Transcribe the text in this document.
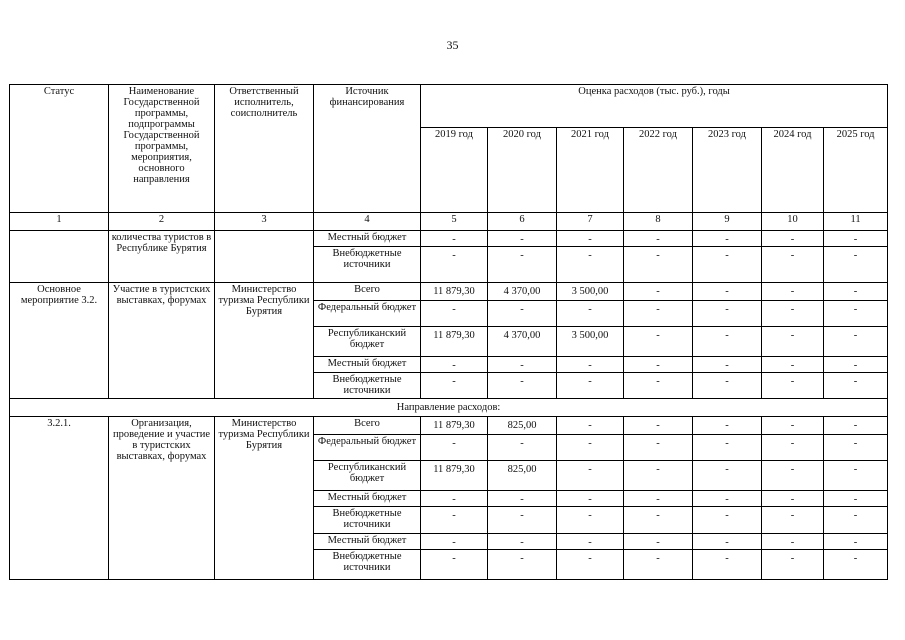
35
Статус	Наименование Государственной программы, подпрограммы Государственной программы, мероприятия, основного направления	Ответственный исполнитель, соисполнитель	Источник финансирования	Оценка расходов (тыс. руб.), годы						
				2019 год	2020 год	2021 год	2022 год	2023 год	2024 год	2025 год
1	2	3	4	5	6	7	8	9	10	11
	количества туристов в Республике Бурятия		Местный бюджет	-	-	-	-	-	-	-
			Внебюджетные источники	-	-	-	-	-	-	-
Основное мероприятие 3.2.	Участие в туристских выставках, форумах	Министерство туризма Республики Бурятия	Всего	11 879,30	4 370,00	3 500,00	-	-	-	-
			Федеральный бюджет	-	-	-	-	-	-	-
			Республиканский бюджет	11 879,30	4 370,00	3 500,00	-	-	-	-
			Местный бюджет	-	-	-	-	-	-	-
			Внебюджетные источники	-	-	-	-	-	-	-
Направление расходов:										
3.2.1.	Организация, проведение и участие в туристских выставках, форумах	Министерство туризма Республики Бурятия	Всего	11 879,30	825,00	-	-	-	-	-
			Федеральный бюджет	-	-	-	-	-	-	-
			Республиканский бюджет	11 879,30	825,00	-	-	-	-	-
			Местный бюджет	-	-	-	-	-	-	-
			Внебюджетные источники	-	-	-	-	-	-	-
			Местный бюджет	-	-	-	-	-	-	-
			Внебюджетные источники	-	-	-	-	-	-	-
